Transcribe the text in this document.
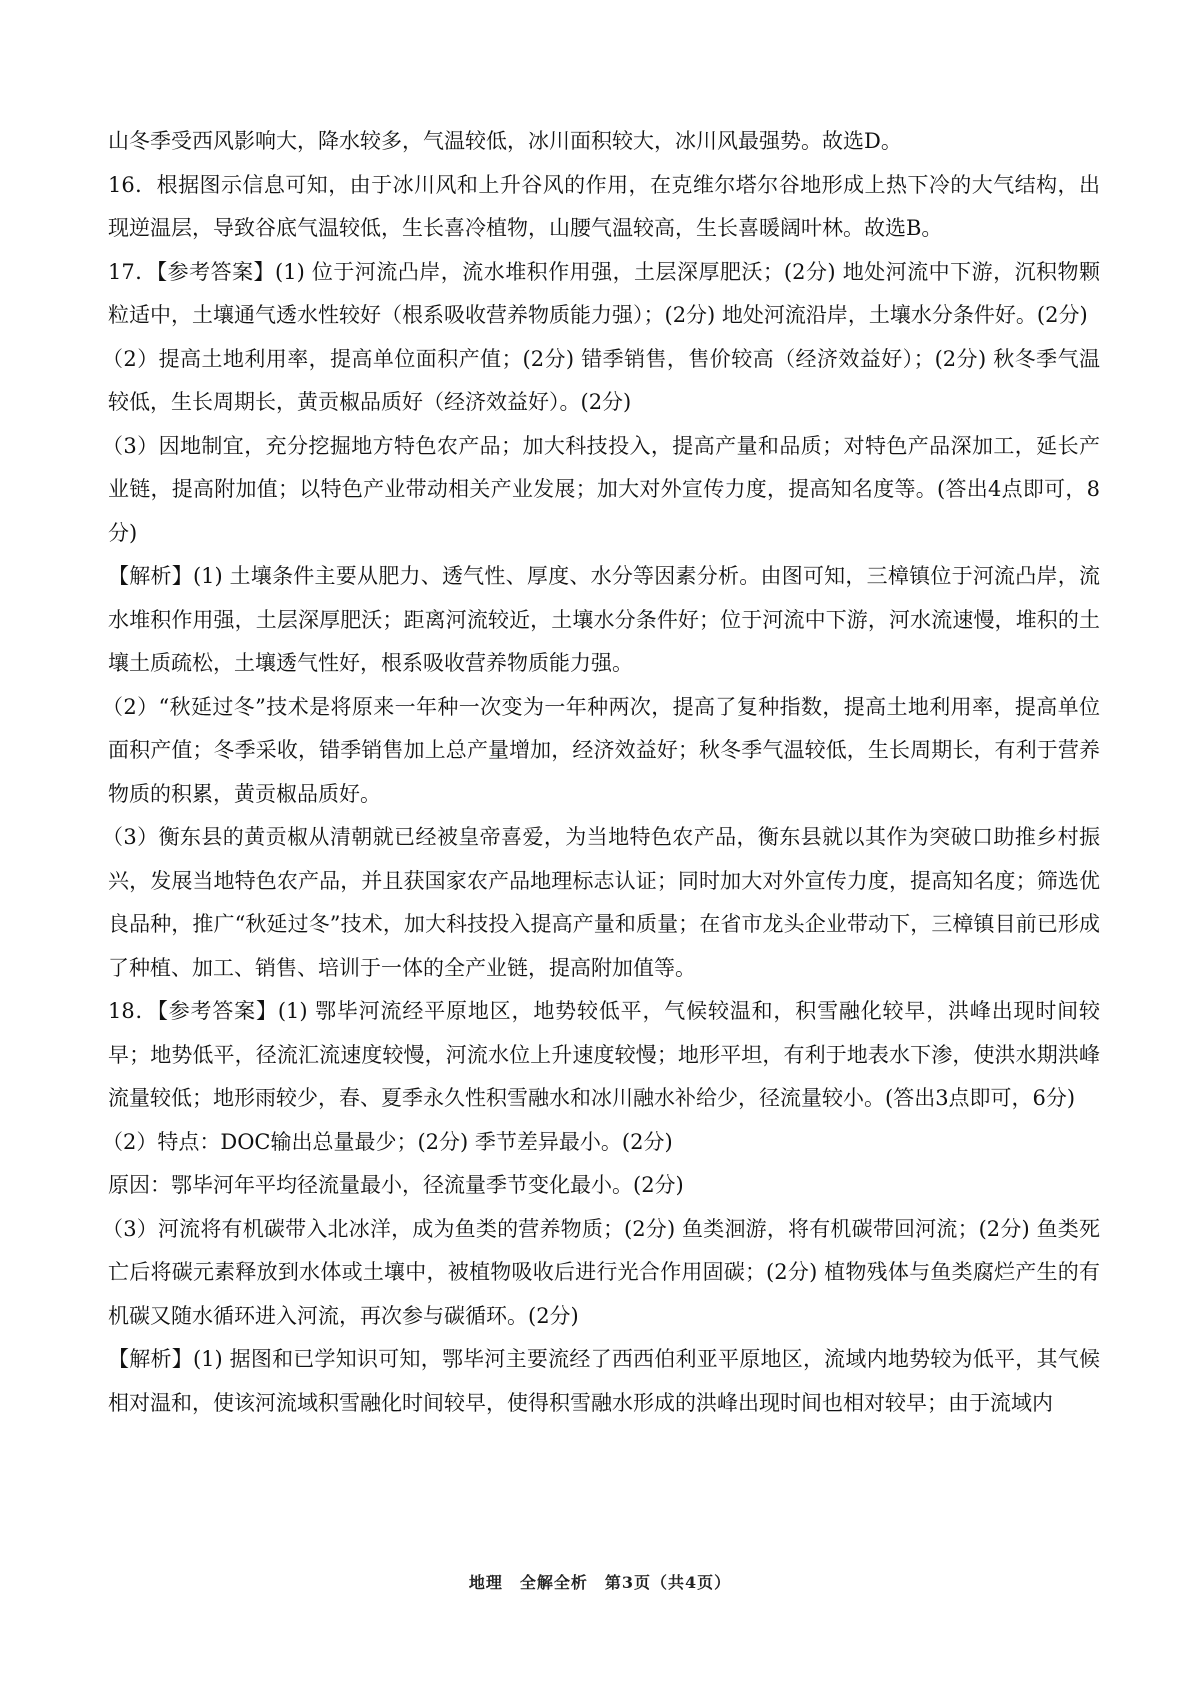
山冬季受西风影响大，降水较多，气温较低，冰川面积较大，冰川风最强势。故选D。

16．根据图示信息可知，由于冰川风和上升谷风的作用，在克维尔塔尔谷地形成上热下冷的大气结构，出现逆温层，导致谷底气温较低，生长喜冷植物，山腰气温较高，生长喜暖阔叶林。故选B。

17．【参考答案】(1) 位于河流凸岸，流水堆积作用强，土层深厚肥沃；(2分) 地处河流中下游，沉积物颗粒适中，土壤通气透水性较好（根系吸收营养物质能力强）；(2分) 地处河流沿岸，土壤水分条件好。(2分)

（2）提高土地利用率，提高单位面积产值；(2分) 错季销售，售价较高（经济效益好）；(2分) 秋冬季气温较低，生长周期长，黄贡椒品质好（经济效益好）。(2分)

（3）因地制宜，充分挖掘地方特色农产品；加大科技投入，提高产量和品质；对特色产品深加工，延长产业链，提高附加值；以特色产业带动相关产业发展；加大对外宣传力度，提高知名度等。(答出4点即可，8分)

【解析】(1) 土壤条件主要从肥力、透气性、厚度、水分等因素分析。由图可知，三樟镇位于河流凸岸，流水堆积作用强，土层深厚肥沃；距离河流较近，土壤水分条件好；位于河流中下游，河水流速慢，堆积的土壤土质疏松，土壤透气性好，根系吸收营养物质能力强。

（2）“秋延过冬”技术是将原来一年种一次变为一年种两次，提高了复种指数，提高土地利用率，提高单位面积产值；冬季采收，错季销售加上总产量增加，经济效益好；秋冬季气温较低，生长周期长，有利于营养物质的积累，黄贡椒品质好。

（3）衡东县的黄贡椒从清朝就已经被皇帝喜爱，为当地特色农产品，衡东县就以其作为突破口助推乡村振兴，发展当地特色农产品，并且获国家农产品地理标志认证；同时加大对外宣传力度，提高知名度；筛选优良品种，推广“秋延过冬”技术，加大科技投入提高产量和质量；在省市龙头企业带动下，三樟镇目前已形成了种植、加工、销售、培训于一体的全产业链，提高附加值等。

18．【参考答案】(1) 鄂毕河流经平原地区，地势较低平，气候较温和，积雪融化较早，洪峰出现时间较早；地势低平，径流汇流速度较慢，河流水位上升速度较慢；地形平坦，有利于地表水下渗，使洪水期洪峰流量较低；地形雨较少，春、夏季永久性积雪融水和冰川融水补给少，径流量较小。(答出3点即可，6分)

（2）特点：DOC输出总量最少；(2分) 季节差异最小。(2分)

原因：鄂毕河年平均径流量最小，径流量季节变化最小。(2分)

（3）河流将有机碳带入北冰洋，成为鱼类的营养物质；(2分) 鱼类洄游，将有机碳带回河流；(2分) 鱼类死亡后将碳元素释放到水体或土壤中，被植物吸收后进行光合作用固碳；(2分) 植物残体与鱼类腐烂产生的有机碳又随水循环进入河流，再次参与碳循环。(2分)

【解析】(1) 据图和已学知识可知，鄂毕河主要流经了西西伯利亚平原地区，流域内地势较为低平，其气候相对温和，使该河流域积雪融化时间较早，使得积雪融水形成的洪峰出现时间也相对较早；由于流域内

地理　全解全析　第3页（共4页）
